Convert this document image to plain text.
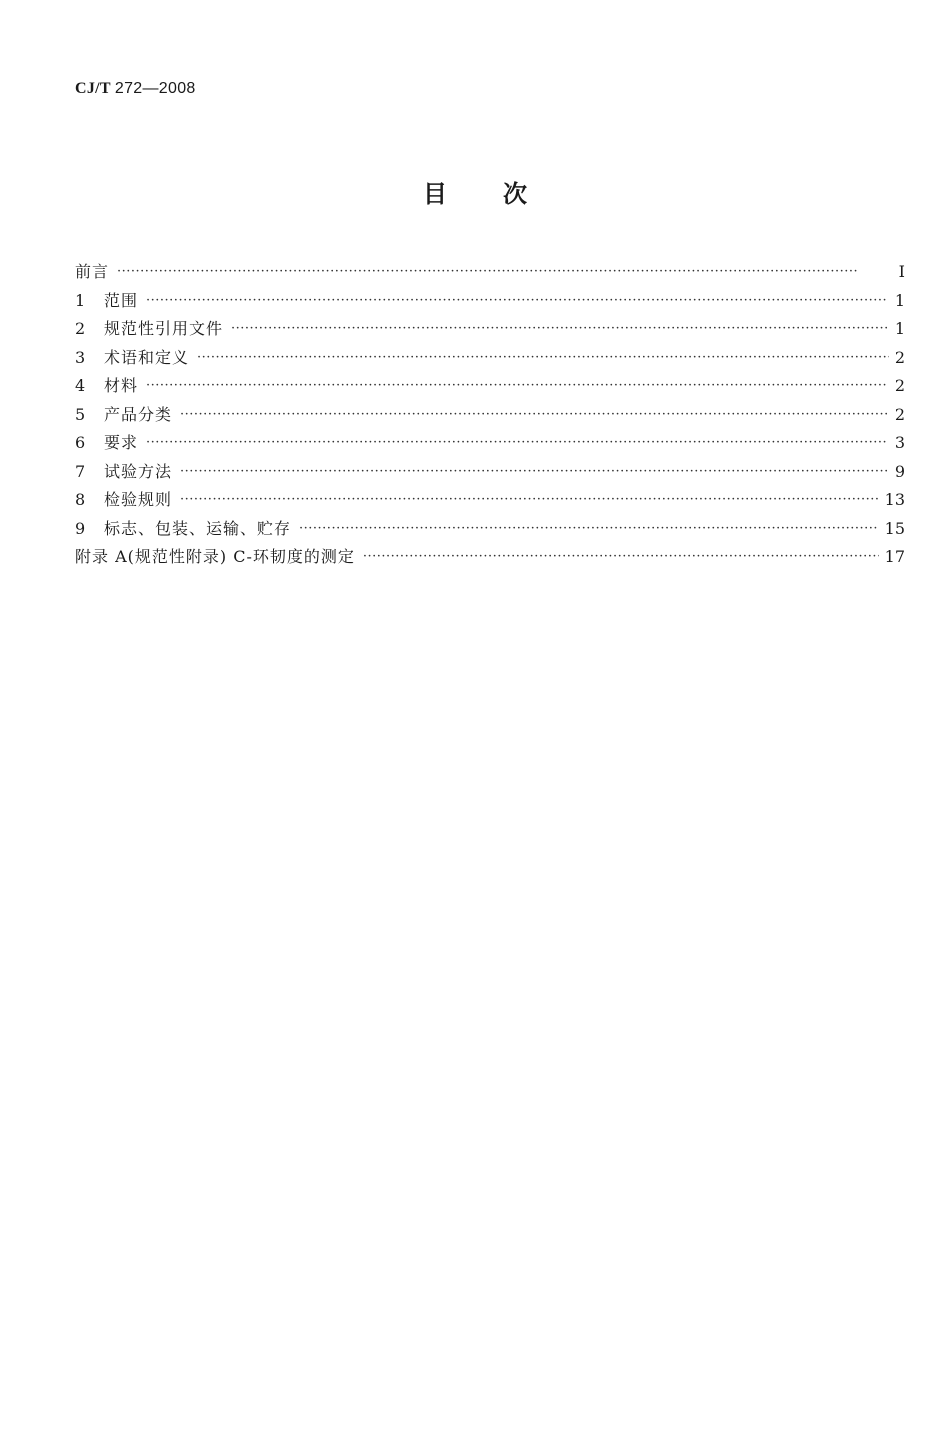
CJ/T 272—2008
目 次
前言 ·····	I
1	范围 ·····	1
2	规范性引用文件 ·····	1
3	术语和定义 ·····	2
4	材料 ·····	2
5	产品分类 ·····	2
6	要求 ·····	3
7	试验方法 ·····	9
8	检验规则 ·····	13
9	标志、包装、运输、贮存 ·····	15
附录 A(规范性附录) C-环韧度的测定 ·····	17
